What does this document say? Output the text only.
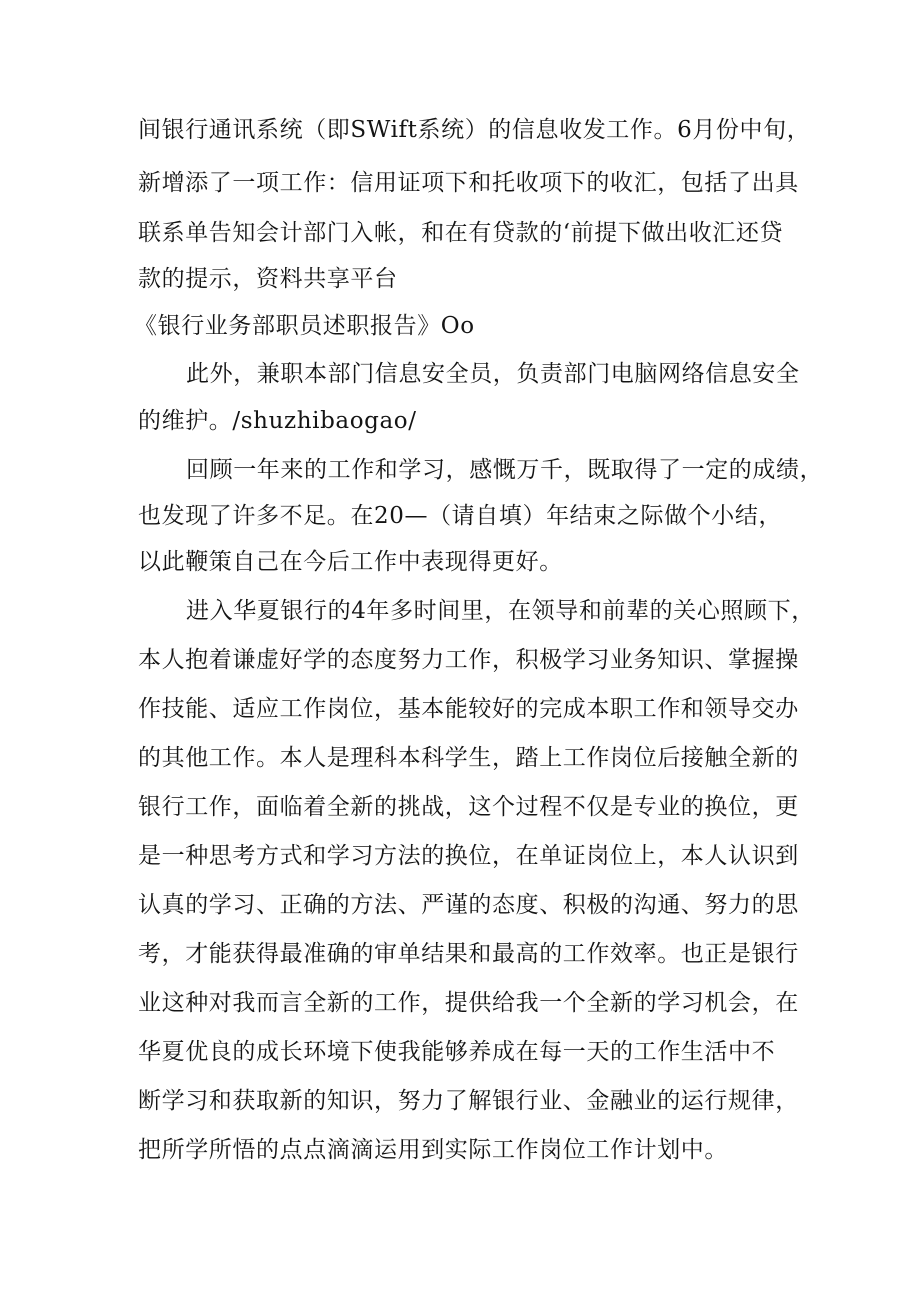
间银行通讯系统（即SWift系统）的信息收发工作。6月份中旬，
新增添了一项工作：信用证项下和托收项下的收汇，包括了出具
联系单告知会计部门入帐，和在有贷款的‘前提下做出收汇还贷
款的提示，资料共享平台
《银行业务部职员述职报告》Oo
此外，兼职本部门信息安全员，负责部门电脑网络信息安全
的维护。/shuzhibaogao/
回顾一年来的工作和学习，感慨万千，既取得了一定的成绩，
也发现了许多不足。在20—（请自填）年结束之际做个小结，
以此鞭策自己在今后工作中表现得更好。
进入华夏银行的4年多时间里，在领导和前辈的关心照顾下，
本人抱着谦虚好学的态度努力工作，积极学习业务知识、掌握操
作技能、适应工作岗位，基本能较好的完成本职工作和领导交办
的其他工作。本人是理科本科学生，踏上工作岗位后接触全新的
银行工作，面临着全新的挑战，这个过程不仅是专业的换位，更
是一种思考方式和学习方法的换位，在单证岗位上，本人认识到
认真的学习、正确的方法、严谨的态度、积极的沟通、努力的思
考，才能获得最准确的审单结果和最高的工作效率。也正是银行
业这种对我而言全新的工作，提供给我一个全新的学习机会，在
华夏优良的成长环境下使我能够养成在每一天的工作生活中不
断学习和获取新的知识，努力了解银行业、金融业的运行规律，
把所学所悟的点点滴滴运用到实际工作岗位工作计划中。
